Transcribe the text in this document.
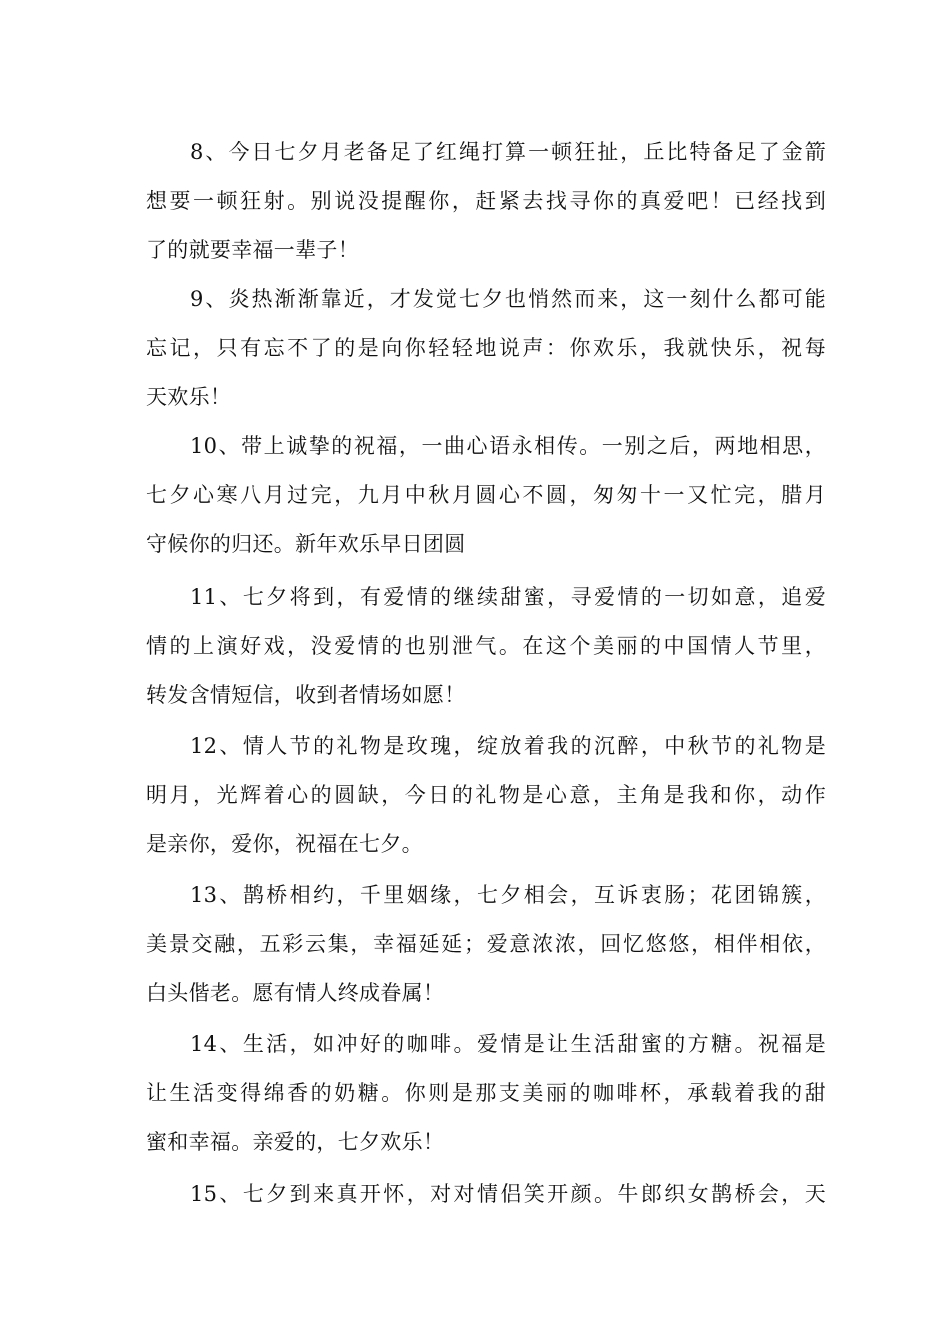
8、今日七夕月老备足了红绳打算一顿狂扯，丘比特备足了金箭
想要一顿狂射。别说没提醒你，赶紧去找寻你的真爱吧！已经找到
了的就要幸福一辈子！
9、炎热渐渐靠近，才发觉七夕也悄然而来，这一刻什么都可能
忘记，只有忘不了的是向你轻轻地说声：你欢乐，我就快乐，祝每
天欢乐！
10、带上诚挚的祝福，一曲心语永相传。一别之后，两地相思，
七夕心寒八月过完，九月中秋月圆心不圆，匆匆十一又忙完，腊月
守候你的归还。新年欢乐早日团圆
11、七夕将到，有爱情的继续甜蜜，寻爱情的一切如意，追爱
情的上演好戏，没爱情的也别泄气。在这个美丽的中国情人节里，
转发含情短信，收到者情场如愿！
12、情人节的礼物是玫瑰，绽放着我的沉醉，中秋节的礼物是
明月，光辉着心的圆缺，今日的礼物是心意，主角是我和你，动作
是亲你，爱你，祝福在七夕。
13、鹊桥相约，千里姻缘，七夕相会，互诉衷肠；花团锦簇，
美景交融，五彩云集，幸福延延；爱意浓浓，回忆悠悠，相伴相依，
白头偕老。愿有情人终成眷属！
14、生活，如冲好的咖啡。爱情是让生活甜蜜的方糖。祝福是
让生活变得绵香的奶糖。你则是那支美丽的咖啡杯，承载着我的甜
蜜和幸福。亲爱的，七夕欢乐！
15、七夕到来真开怀，对对情侣笑开颜。牛郎织女鹊桥会，天
